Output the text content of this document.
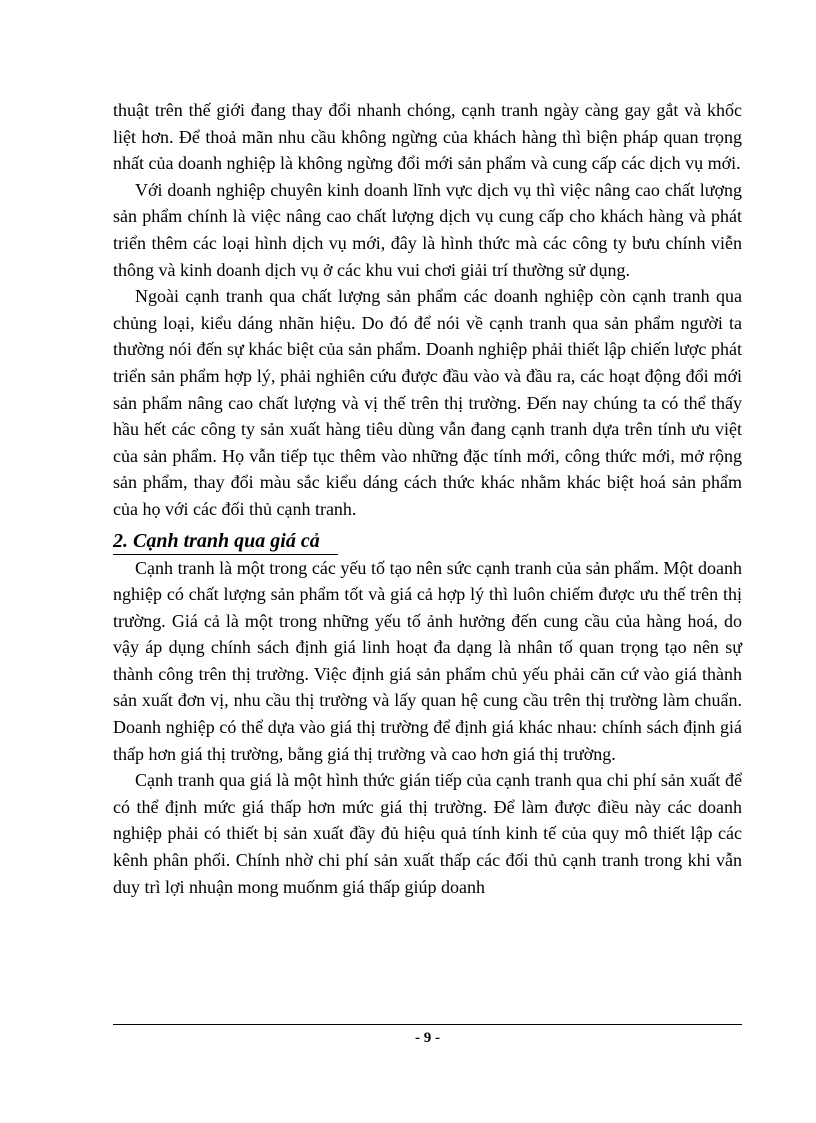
thuật trên thế giới đang thay đổi nhanh chóng, cạnh tranh ngày càng gay gắt và khốc liệt hơn. Để thoả mãn nhu cầu không ngừng của khách hàng thì biện pháp quan trọng nhất của doanh nghiệp là không ngừng đổi mới sản phẩm và cung cấp các dịch vụ mới.

Với doanh nghiệp chuyên kinh doanh lĩnh vực dịch vụ thì việc nâng cao chất lượng sản phẩm chính là việc nâng cao chất lượng dịch vụ cung cấp cho khách hàng và phát triển thêm các loại hình dịch vụ mới, đây là hình thức mà các công ty bưu chính viễn thông và kinh doanh dịch vụ ở các khu vui chơi giải trí thường sử dụng.

Ngoài cạnh tranh qua chất lượng sản phẩm các doanh nghiệp còn cạnh tranh qua chủng loại, kiểu dáng nhãn hiệu. Do đó để nói về cạnh tranh qua sản phẩm người ta thường nói đến sự khác biệt của sản phẩm. Doanh nghiệp phải thiết lập chiến lược phát triển sản phẩm hợp lý, phải nghiên cứu được đầu vào và đầu ra, các hoạt động đổi mới sản phẩm nâng cao chất lượng và vị thế trên thị trường. Đến nay chúng ta có thể thấy hầu hết các công ty sản xuất hàng tiêu dùng vẫn đang cạnh tranh dựa trên tính ưu việt của sản phẩm. Họ vẫn tiếp tục thêm vào những đặc tính mới, công thức mới, mở rộng sản phẩm, thay đổi màu sắc kiểu dáng cách thức khác nhằm khác biệt hoá sản phẩm của họ với các đối thủ cạnh tranh.

2. Cạnh tranh qua giá cả

Cạnh tranh là một trong các yếu tố tạo nên sức cạnh tranh của sản phẩm. Một doanh nghiệp có chất lượng sản phẩm tốt và giá cả hợp lý thì luôn chiếm được ưu thế trên thị trường. Giá cả là một trong những yếu tố ảnh hưởng đến cung cầu của hàng hoá, do vậy áp dụng chính sách định giá linh hoạt đa dạng là nhân tố quan trọng tạo nên sự thành công trên thị trường. Việc định giá sản phẩm chủ yếu phải căn cứ vào giá thành sản xuất đơn vị, nhu cầu thị trường và lấy quan hệ cung cầu trên thị trường làm chuẩn. Doanh nghiệp có thể dựa vào giá thị trường để định giá khác nhau: chính sách định giá thấp hơn giá thị trường, bằng giá thị trường và cao hơn giá thị trường.

Cạnh tranh qua giá là một hình thức gián tiếp của cạnh tranh qua chi phí sản xuất để có thể định mức giá thấp hơn mức giá thị trường. Để làm được điều này các doanh nghiệp phải có thiết bị sản xuất đầy đủ hiệu quả tính kinh tế của quy mô thiết lập các kênh phân phối. Chính nhờ chi phí sản xuất thấp các đối thủ cạnh tranh trong khi vẫn duy trì lợi nhuận mong muốnm giá thấp giúp doanh

- 9 -
